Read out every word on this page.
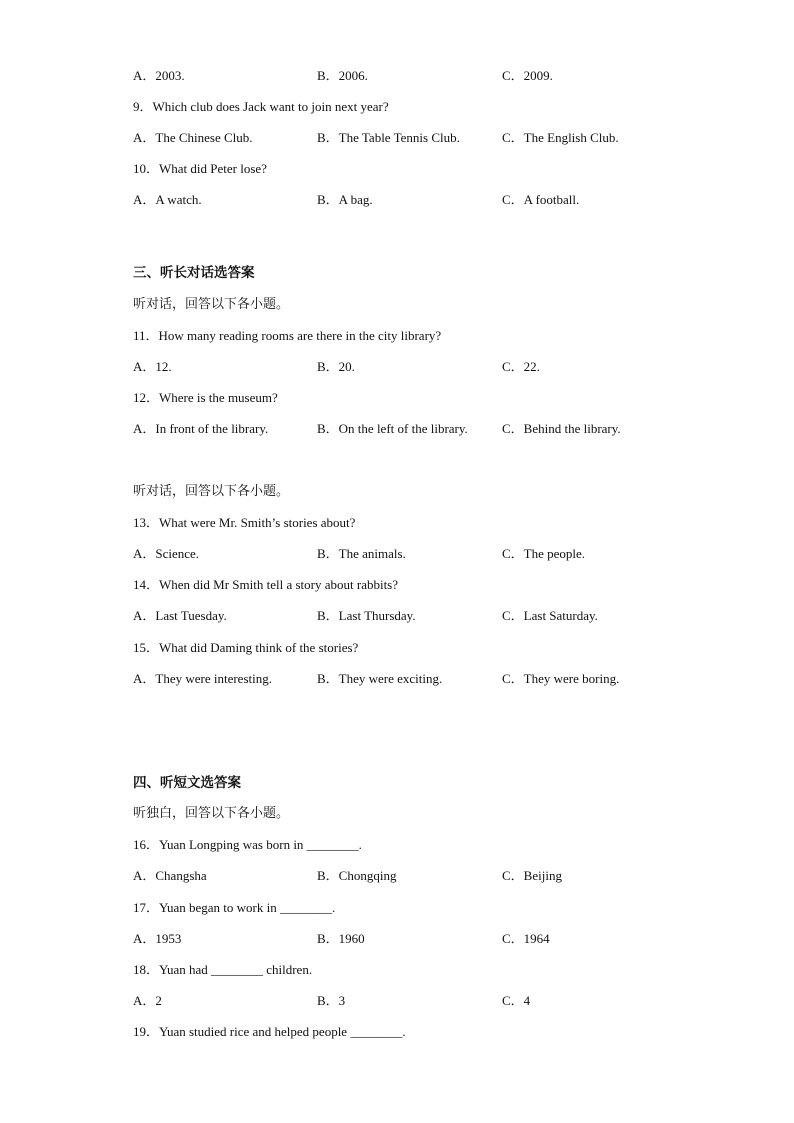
A．2003.	B．2006.	C．2009.
9．Which club does Jack want to join next year?
A．The Chinese Club.	B．The Table Tennis Club.	C．The English Club.
10．What did Peter lose?
A．A watch.	B．A bag.	C．A football.
三、听长对话选答案
听对话，回答以下各小题。
11．How many reading rooms are there in the city library?
A．12.	B．20.	C．22.
12．Where is the museum?
A．In front of the library.	B．On the left of the library.	C．Behind the library.
听对话，回答以下各小题。
13．What were Mr. Smith’s stories about?
A．Science.	B．The animals.	C．The people.
14．When did Mr Smith tell a story about rabbits?
A．Last Tuesday.	B．Last Thursday.	C．Last Saturday.
15．What did Daming think of the stories?
A．They were interesting.	B．They were exciting.	C．They were boring.
四、听短文选答案
听独白，回答以下各小题。
16．Yuan Longping was born in ________.
A．Changsha	B．Chongqing	C．Beijing
17．Yuan began to work in ________.
A．1953	B．1960	C．1964
18．Yuan had ________ children.
A．2	B．3	C．4
19．Yuan studied rice and helped people ________.
